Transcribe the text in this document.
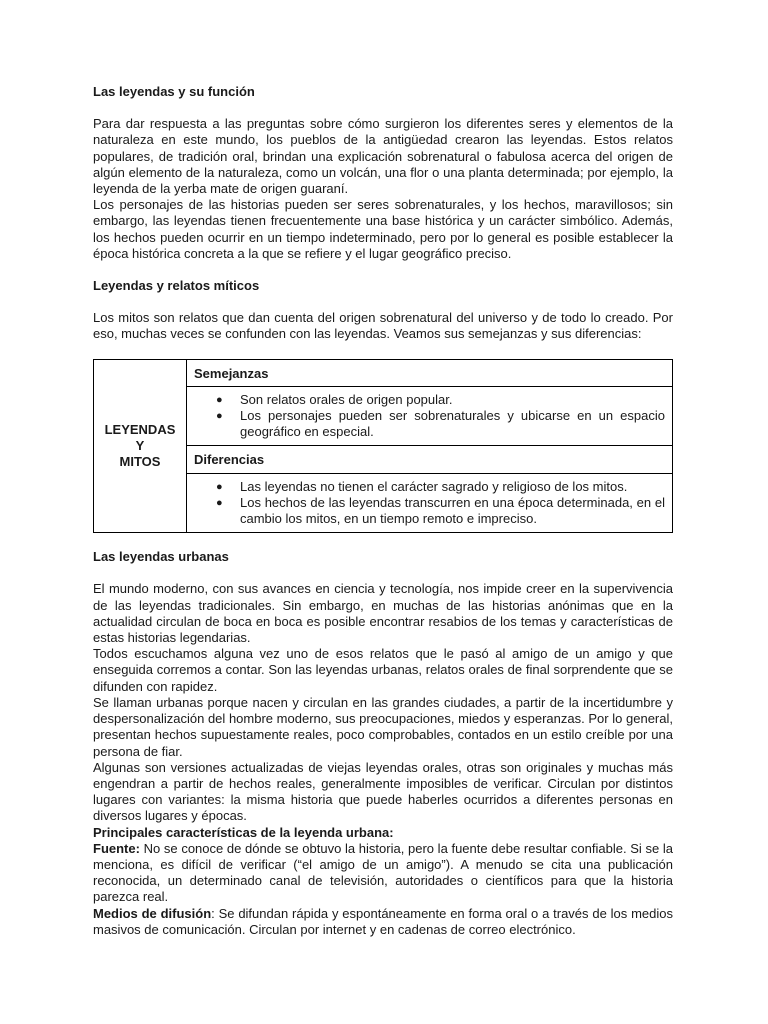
Las leyendas y su función

Para dar respuesta a las preguntas sobre cómo surgieron los diferentes seres y elementos de la naturaleza en este mundo, los pueblos de la antigüedad crearon las leyendas. Estos relatos populares, de tradición oral, brindan una explicación sobrenatural o fabulosa acerca del origen de algún elemento de la naturaleza, como un volcán, una flor o una planta determinada; por ejemplo, la leyenda de la yerba mate de origen guaraní.

Los personajes de las historias pueden ser seres sobrenaturales, y los hechos, maravillosos; sin embargo, las leyendas tienen frecuentemente una base histórica y un carácter simbólico. Además, los hechos pueden ocurrir en un tiempo indeterminado, pero por lo general es posible establecer la época histórica concreta a la que se refiere y el lugar geográfico preciso.

Leyendas y relatos míticos

Los mitos son relatos que dan cuenta del origen sobrenatural del universo y de todo lo creado. Por eso, muchas veces se confunden con las leyendas. Veamos sus semejanzas y sus diferencias:

LEYENDAS
Y
MITOS
	Semejanzas

● Son relatos orales de origen popular.
● Los personajes pueden ser sobrenaturales y ubicarse en un espacio geográfico en especial.

Diferencias

● Las leyendas no tienen el carácter sagrado y religioso de los mitos.
● Los hechos de las leyendas transcurren en una época determinada, en el cambio los mitos, en un tiempo remoto e impreciso.
Las leyendas urbanas

El mundo moderno, con sus avances en ciencia y tecnología, nos impide creer en la supervivencia de las leyendas tradicionales. Sin embargo, en muchas de las historias anónimas que en la actualidad circulan de boca en boca es posible encontrar resabios de los temas y características de estas historias legendarias.

Todos escuchamos alguna vez uno de esos relatos que le pasó al amigo de un amigo y que enseguida corremos a contar. Son las leyendas urbanas, relatos orales de final sorprendente que se difunden con rapidez.

Se llaman urbanas porque nacen y circulan en las grandes ciudades, a partir de la incertidumbre y despersonalización del hombre moderno, sus preocupaciones, miedos y esperanzas. Por lo general, presentan hechos supuestamente reales, poco comprobables, contados en un estilo creíble por una persona de fiar.

Algunas son versiones actualizadas de viejas leyendas orales, otras son originales y muchas más engendran a partir de hechos reales, generalmente imposibles de verificar. Circulan por distintos lugares con variantes: la misma historia que puede haberles ocurridos a diferentes personas en diversos lugares y épocas.

Principales características de la leyenda urbana:

Fuente: No se conoce de dónde se obtuvo la historia, pero la fuente debe resultar confiable. Si se la menciona, es difícil de verificar (“el amigo de un amigo”). A menudo se cita una publicación reconocida, un determinado canal de televisión, autoridades o científicos para que la historia parezca real.

Medios de difusión: Se difundan rápida y espontáneamente en forma oral o a través de los medios masivos de comunicación. Circulan por internet y en cadenas de correo electrónico.
